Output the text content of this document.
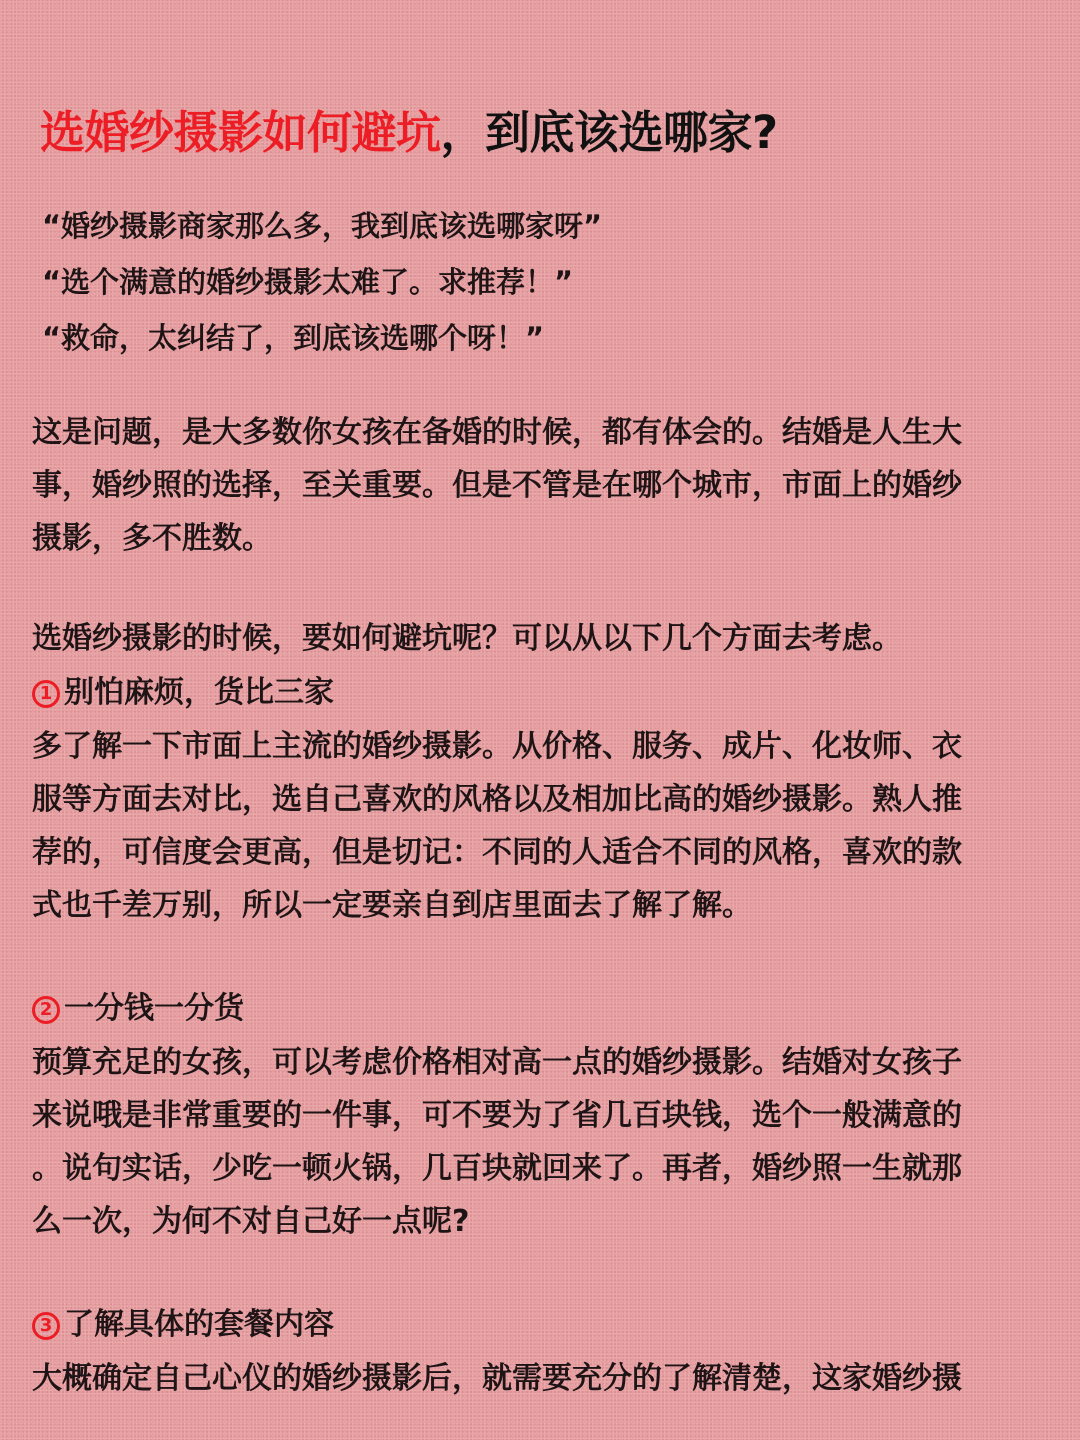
选婚纱摄影如何避坑，到底该选哪家?
“婚纱摄影商家那么多，我到底该选哪家呀”
“选个满意的婚纱摄影太难了。求推荐！”
“救命，太纠结了，到底该选哪个呀！”
这是问题，是大多数你女孩在备婚的时候，都有体会的。结婚是人生大
事，婚纱照的选择，至关重要。但是不管是在哪个城市，市面上的婚纱
摄影，多不胜数。
选婚纱摄影的时候，要如何避坑呢？可以从以下几个方面去考虑。
1 别怕麻烦，货比三家
多了解一下市面上主流的婚纱摄影。从价格、服务、成片、化妆师、衣
服等方面去对比，选自己喜欢的风格以及相加比高的婚纱摄影。熟人推
荐的，可信度会更高，但是切记：不同的人适合不同的风格，喜欢的款
式也千差万别，所以一定要亲自到店里面去了解了解。
2 一分钱一分货
预算充足的女孩，可以考虑价格相对高一点的婚纱摄影。结婚对女孩子
来说哦是非常重要的一件事，可不要为了省几百块钱，选个一般满意的
。说句实话，少吃一顿火锅，几百块就回来了。再者，婚纱照一生就那
么一次，为何不对自己好一点呢?
3 了解具体的套餐内容
大概确定自己心仪的婚纱摄影后，就需要充分的了解清楚，这家婚纱摄
